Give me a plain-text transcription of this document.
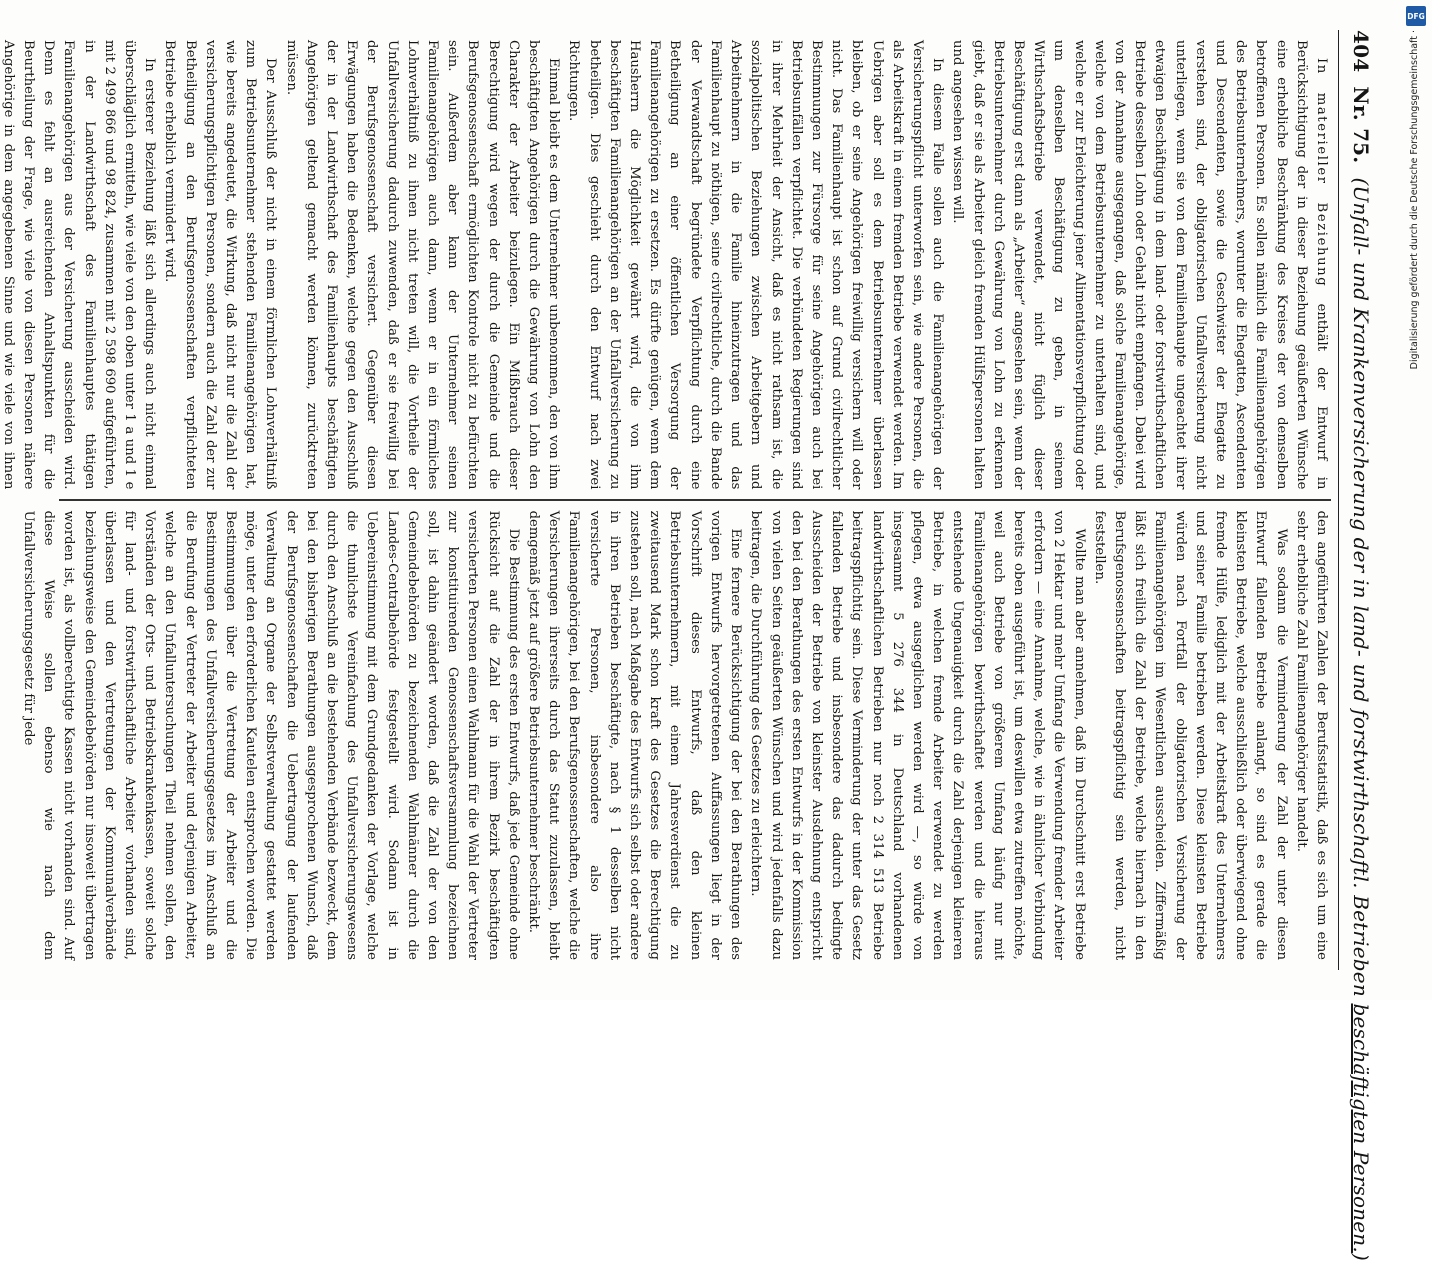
404
Nr. 75.
(Unfall- und Krankenversicherung der in land- und forstwirthschaftl. Betrieben beschäftigten Personen.)

In materieller Beziehung enthält der Entwurf in Berücksichtigung der in dieser Beziehung geäußerten Wünsche eine erhebliche Beschränkung des Kreises der von demselben betroffenen Personen. Es sollen nämlich die Familienangehörigen des Betriebsunternehmers, worunter die Ehegatten, Ascendenten und Descendenten, sowie die Geschwister der Ehegatte zu verstehen sind, der obligatorischen Unfallversicherung nicht unterliegen, wenn sie von dem Familienhaupte ungeachtet ihrer etwaigen Beschäftigung in dem land- oder forstwirthschaftlichen Betriebe desselben Lohn oder Gehalt nicht empfangen. Dabei wird von der Annahme ausgegangen, daß solche Familienangehörige, welche von dem Betriebsunternehmer zu unterhalten sind, und welche er zur Erleichterung jener Alimentationsverpflichtung oder um denselben Beschäftigung zu geben, in seinem Wirthschaftsbetriebe verwendet, nicht füglich dieser Beschäftigung erst dann als „Arbeiter“ angesehen sein, wenn der Betriebsunternehmer durch Gewährung von Lohn zu erkennen giebt, daß er sie als Arbeiter gleich fremden Hülfspersonen halten und angesehen wissen will.

In diesem Falle sollen auch die Familienangehörigen der Versicherungspflicht unterworfen sein, wie andere Personen, die als Arbeitskraft in einem fremden Betriebe verwendet werden. Im Uebrigen aber soll es dem Betriebsunternehmer überlassen bleiben, ob er seine Angehörigen freiwillig versichern will oder nicht. Das Familienhaupt ist schon auf Grund civilrechtlicher Bestimmungen zur Fürsorge für seine Angehörigen auch bei Betriebsunfällen verpflichtet. Die verbündeten Regierungen sind in ihrer Mehrheit der Ansicht, daß es nicht rathsam ist, die sozialpolitischen Beziehungen zwischen Arbeitgebern und Arbeitnehmern in die Familie hineinzutragen und das Familienhaupt zu nöthigen, seine civilrechtliche, durch die Bande der Verwandtschaft begründete Verpflichtung durch eine Betheiligung an einer öffentlichen Versorgung der Familienangehörigen zu ersetzen. Es dürfte genügen, wenn dem Hausherrn die Möglichkeit gewährt wird, die von ihm beschäftigten Familienangehörigen an der Unfallversicherung zu betheiligen. Dies geschieht durch den Entwurf nach zwei Richtungen.

Einmal bleibt es dem Unternehmer unbenommen, den von ihm beschäftigten Angehörigen durch die Gewährung von Lohn den Charakter der Arbeiter beizulegen. Ein Mißbrauch dieser Berechtigung wird wegen der durch die Gemeinde und die Berufsgenossenschaft ermöglichten Kontrole nicht zu befürchten sein. Außerdem aber kann der Unternehmer seinen Familienangehörigen auch dann, wenn er in ein förmliches Lohnverhältniß zu ihnen nicht treten will, die Vortheile der Unfallversicherung dadurch zuwenden, daß er sie freiwillig bei der Berufsgenossenschaft versichert. Gegenüber diesen Erwägungen haben die Bedenken, welche gegen den Ausschluß der in der Landwirthschaft des Familienhaupts beschäftigten Angehörigen geltend gemacht werden können, zurücktreten müssen.

Der Ausschluß der nicht in einem förmlichen Lohnverhältniß zum Betriebsunternehmer stehenden Familienangehörigen hat, wie bereits angedeutet, die Wirkung, daß nicht nur die Zahl der versicherungspflichtigen Personen, sondern auch die Zahl der zur Betheiligung an den Berufsgenossenschaften verpflichteten Betriebe erheblich vermindert wird.

In ersterer Beziehung läßt sich allerdings auch nicht einmal überschläglich ermitteln, wie viele von den oben unter 1 a und 1 e mit 2 499 866 und 98 824, zusammen mit 2 598 690 aufgeführten, in der Landwirthschaft des Familienhauptes thätigen Familienangehörigen aus der Versicherung ausscheiden wird. Denn es fehlt an ausreichenden Anhaltspunkten für die Beurtheilung der Frage, wie viele von diesen Personen nähere Angehörige in dem angegebenen Sinne und wie viele von ihnen

den angeführten Zahlen der Berufsstatistik, daß es sich um eine sehr erhebliche Zahl Familienangehöriger handelt.

Was sodann die Verminderung der Zahl der unter diesen Entwurf fallenden Betriebe anlangt, so sind es gerade die kleinsten Betriebe, welche ausschließlich oder überwiegend ohne fremde Hülfe, lediglich mit der Arbeitskraft des Unternehmers und seiner Familie betrieben werden. Diese kleinsten Betriebe würden nach Fortfall der obligatorischen Versicherung der Familienangehörigen im Wesentlichen ausscheiden. Ziffermäßig läßt sich freilich die Zahl der Betriebe, welche hiernach in den Berufsgenossenschaften beitragspflichtig sein werden, nicht feststellen.

Wollte man aber annehmen, daß im Durchschnitt erst Betriebe von 2 Hektar und mehr Umfang die Verwendung fremder Arbeiter erfordern — eine Annahme, welche, wie in ähnlicher Verbindung bereits oben ausgeführt ist, um deswillen etwa zutreffen möchte, weil auch Betriebe von größerem Umfang häufig nur mit Familienangehörigen bewirthschaftet werden und die hieraus entstehende Ungenauigkeit durch die Zahl derjenigen kleineren Betriebe, in welchen fremde Arbeiter verwendet zu werden pflegen, etwa ausgeglichen werden wird —, so würde von insgesammt 5 276 344 in Deutschland vorhandenen landwirthschaftlichen Betrieben nur noch 2 314 513 Betriebe beitragspflichtig sein. Diese Verminderung der unter das Gesetz fallenden Betriebe und insbesondere das dadurch bedingte Ausscheiden der Betriebe von kleinster Ausdehnung entspricht den bei den Berathungen des ersten Entwurfs in der Kommission von vielen Seiten geäußerten Wünschen und wird jedenfalls dazu beitragen, die Durchführung des Gesetzes zu erleichtern.

Eine fernere Berücksichtigung der bei den Berathungen des vorigen Entwurfs hervorgetretenen Auffassungen liegt in der Vorschrift dieses Entwurfs, daß den kleinen Betriebsunternehmern, mit einem Jahresverdienst die zu zweitausend Mark schon kraft des Gesetzes die Berechtigung zustehen soll, nach Maßgabe des Entwurfs sich selbst oder andere in ihren Betrieben beschäftigte, nach § 1 desselben nicht versicherte Personen, insbesondere also ihre Familienangehörigen, bei den Berufsgenossenschaften, welche die Versicherungen ihrerseits durch das Statut zuzulassen, bleibt demgemäß jetzt auf größere Betriebsunternehmer beschränkt.

Die Bestimmung des ersten Entwurfs, daß jede Gemeinde ohne Rücksicht auf die Zahl der in ihrem Bezirk beschäftigten versicherten Personen einen Wahlmann für die Wahl der Vertreter zur konstituirenden Genossenschaftsversammlung bezeichnen soll, ist dahin geändert worden, daß die Zahl der von den Gemeindebehörden zu bezeichnenden Wahlmänner durch die Landes-Centralbehörde festgestellt wird. Sodann ist in Uebereinstimmung mit dem Grundgedanken der Vorlage, welche die thunlichste Vereinfachung des Unfallversicherungswesens durch den Anschluß an die bestehenden Verbände bezweckt, dem bei den bisherigen Berathungen ausgesprochenen Wunsch, daß der Berufsgenossenschaften die Uebertragung der laufenden Verwaltung an Organe der Selbstverwaltung gestattet werden möge, unter den erforderlichen Kautelen entsprochen worden. Die Bestimmungen über die Vertretung der Arbeiter und die Bestimmungen des Unfallversicherungsgesetzes im Anschluß an die Berufung der Vertreter der Arbeiter und derjenigen Arbeiter, welche an den Unfalluntersuchungen Theil nehmen sollen, den Vorständen der Orts- und Betriebskrankenkassen, soweit solche für land- und forstwirthschaftliche Arbeiter vorhanden sind, überlassen und den Vertretungen der Kommunalverbände beziehungsweise den Gemeindebehörden nur insoweit übertragen worden ist, als vollberechtigte Kassen nicht vorhanden sind. Auf diese Weise sollen ebenso wie nach dem Unfallversicherungsgesetz für jede

DFG
Digitalisierung gefördert durch die Deutsche Forschungsgemeinschaft ·
